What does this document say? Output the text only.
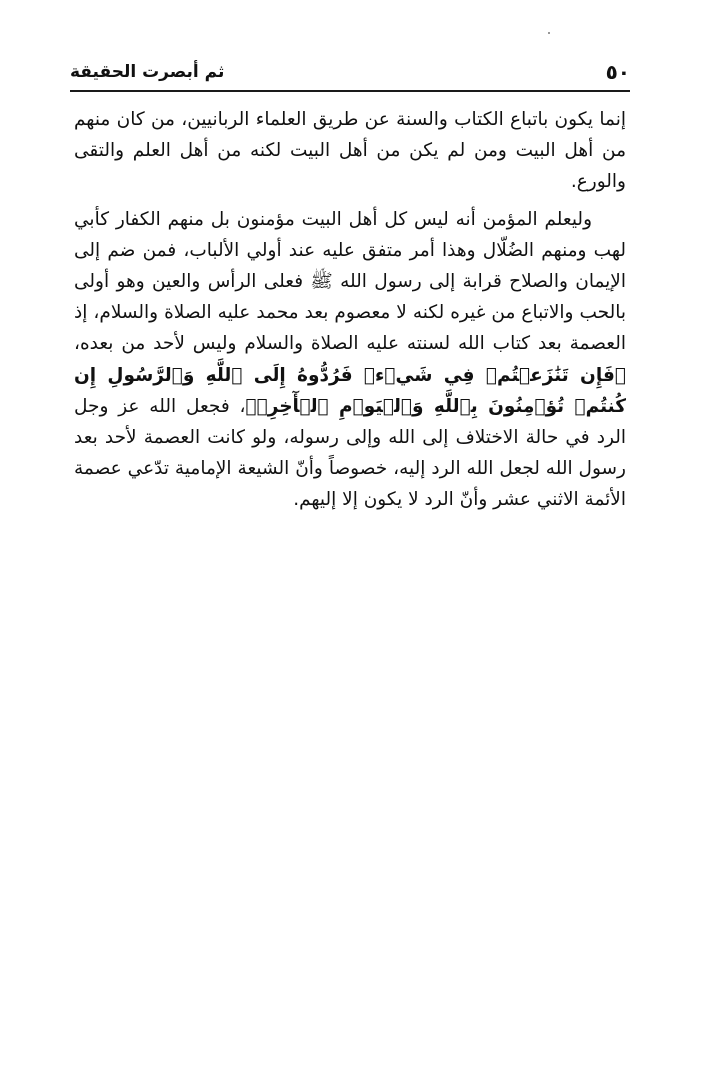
٥٠
ثم أبصرت الحقيقة

إنما يكون باتباع الكتاب والسنة عن طريق العلماء الربانيين، من كان منهم من أهل البيت ومن لم يكن من أهل البيت لكنه من أهل العلم والتقى والورع.

وليعلم المؤمن أنه ليس كل أهل البيت مؤمنون بل منهم الكفار كأبي لهب ومنهم الضُلّال وهذا أمر متفق عليه عند أولي الألباب، فمن ضم إلى الإيمان والصلاح قرابة إلى رسول الله ﷺ فعلى الرأس والعين وهو أولى بالحب والاتباع من غيره لكنه لا معصوم بعد محمد عليه الصلاة والسلام، إذ العصمة بعد كتاب الله لسنته عليه الصلاة والسلام وليس لأحد من بعده، ﴿فَإِن تَنَٰزَعۡتُمۡ فِي شَيۡءٖ فَرُدُّوهُ إِلَى ٱللَّهِ وَٱلرَّسُولِ إِن كُنتُمۡ تُؤۡمِنُونَ بِٱللَّهِ وَٱلۡيَوۡمِ ٱلۡأٓخِرِۚ﴾، فجعل الله عز وجل الرد في حالة الاختلاف إلى الله وإلى رسوله، ولو كانت العصمة لأحد بعد رسول الله لجعل الله الرد إليه، خصوصاً وأنّ الشيعة الإمامية تدّعي عصمة الأئمة الاثني عشر وأنّ الرد لا يكون إلا إليهم.
